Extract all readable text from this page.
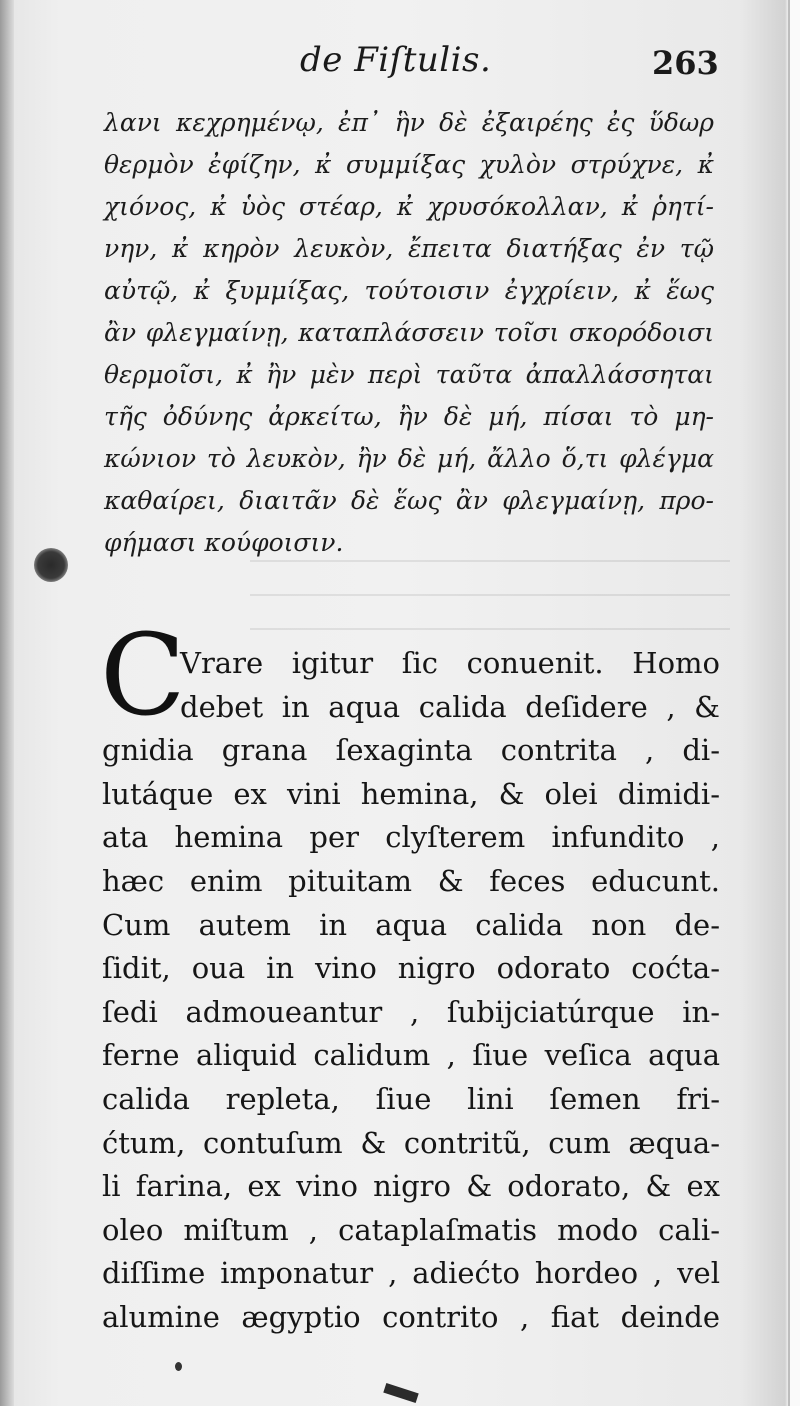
de Fiſtulis.	263
λανι κεχρημένῳ, ἐπ᾽ ἣν δὲ ἐξαιρέης ἐς ὕδωρ
θερμὸν ἐφίζην, κ̓ συμμίξας χυλὸν στρύχνε, κ̓
χιόνος, κ̓ ὑὸς στέαρ, κ̓ χρυσόκολλαν, κ̓ ῥητί-
νην, κ̓ κηρὸν λευκὸν, ἔπειτα διατήξας ἐν τῷ
αὐτῷ, κ̓ ξυμμίξας, τούτοισιν ἐγχρίειν, κ̓ ἕως
ἂν φλεγμαίνῃ, καταπλάσσειν τοῖσι σκορόδοισι
θερμοῖσι, κ̓ ἢν μὲν περὶ ταῦτα ἀπαλλάσσηται
τῆς ὀδύνης ἀρκείτω, ἢν δὲ μή, πίσαι τὸ μη-
κώνιον τὸ λευκὸν, ἢν δὲ μή, ἄλλο ὅ,τι φλέγμα
καθαίρει, διαιτᾶν δὲ ἕως ἂν φλεγμαίνῃ, προ-
φήμασι κούφοισιν.
C
Vrare igitur ſic conuenit. Homo
debet in aqua calida deſidere , &
gnidia grana ſexaginta contrita , di-
lutáque ex vini hemina, & olei dimidi-
ata hemina per clyſterem infundito ,
hæc enim pituitam & feces educunt.
Cum autem in aqua calida non de-
ſidit, oua in vino nigro odorato coćta-
ſedi admoueantur , ſubijciatúrque in-
ferne aliquid calidum , ſiue veſica aqua
calida repleta, ſiue lini ſemen fri-
ćtum, contuſum & contritũ, cum æqua-
li farina, ex vino nigro & odorato, & ex
oleo miſtum , cataplaſmatis modo cali-
diſſime imponatur , adiećto hordeo , vel
alumine ægyptio contrito , fiat deinde
